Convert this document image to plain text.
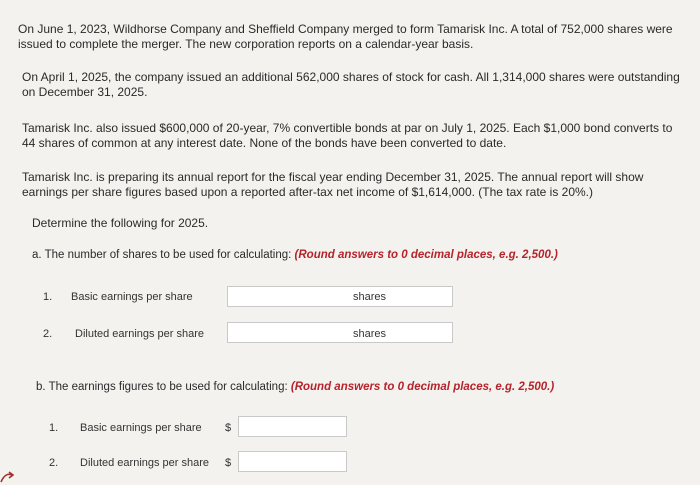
On June 1, 2023, Wildhorse Company and Sheffield Company merged to form Tamarisk Inc. A total of 752,000 shares were issued to complete the merger. The new corporation reports on a calendar-year basis.
On April 1, 2025, the company issued an additional 562,000 shares of stock for cash. All 1,314,000 shares were outstanding on December 31, 2025.
Tamarisk Inc. also issued $600,000 of 20-year, 7% convertible bonds at par on July 1, 2025. Each $1,000 bond converts to 44 shares of common at any interest date. None of the bonds have been converted to date.
Tamarisk Inc. is preparing its annual report for the fiscal year ending December 31, 2025. The annual report will show earnings per share figures based upon a reported after-tax net income of $1,614,000. (The tax rate is 20%.)
Determine the following for 2025.
a. The number of shares to be used for calculating: (Round answers to 0 decimal places, e.g. 2,500.)
1. Basic earnings per share	shares
2. Diluted earnings per share	shares
b. The earnings figures to be used for calculating: (Round answers to 0 decimal places, e.g. 2,500.)
1. Basic earnings per share $
2. Diluted earnings per share $
